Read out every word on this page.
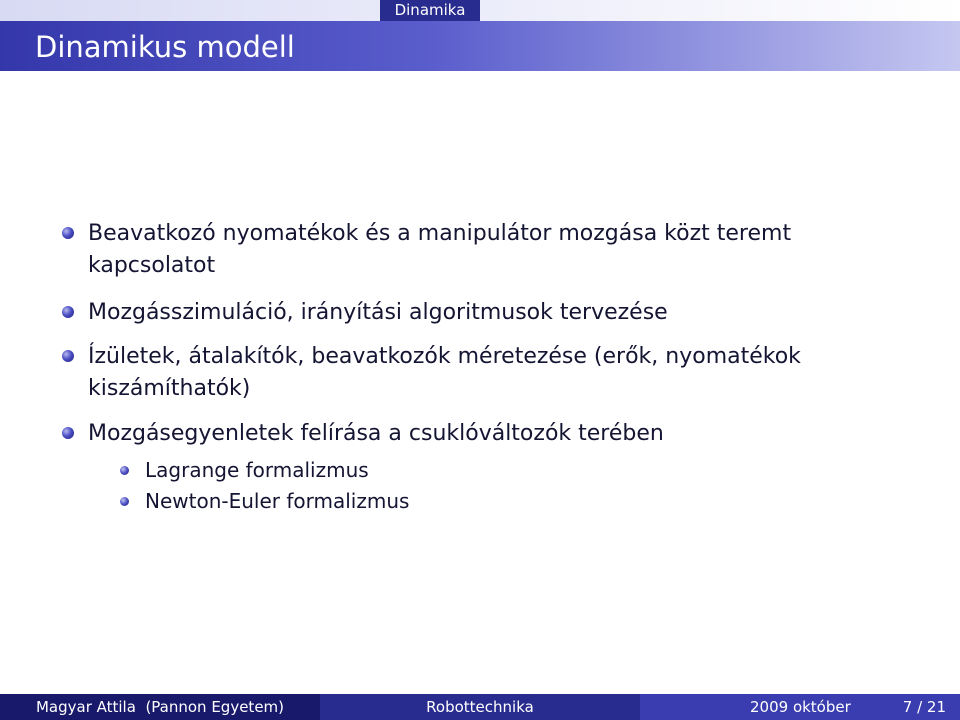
Dinamika
Dinamikus modell
Beavatkozó nyomatékok és a manipulátor mozgása közt teremt kapcsolatot
Mozgásszimuláció, irányítási algoritmusok tervezése
Ízületek, átalakítók, beavatkozók méretezése (erők, nyomatékok kiszámíthatók)
Mozgásegyenletek felírása a csuklóváltozók terében
Lagrange formalizmus
Newton-Euler formalizmus
Magyar Attila  (Pannon Egyetem)	Robottechnika	2009 október	7 / 21
